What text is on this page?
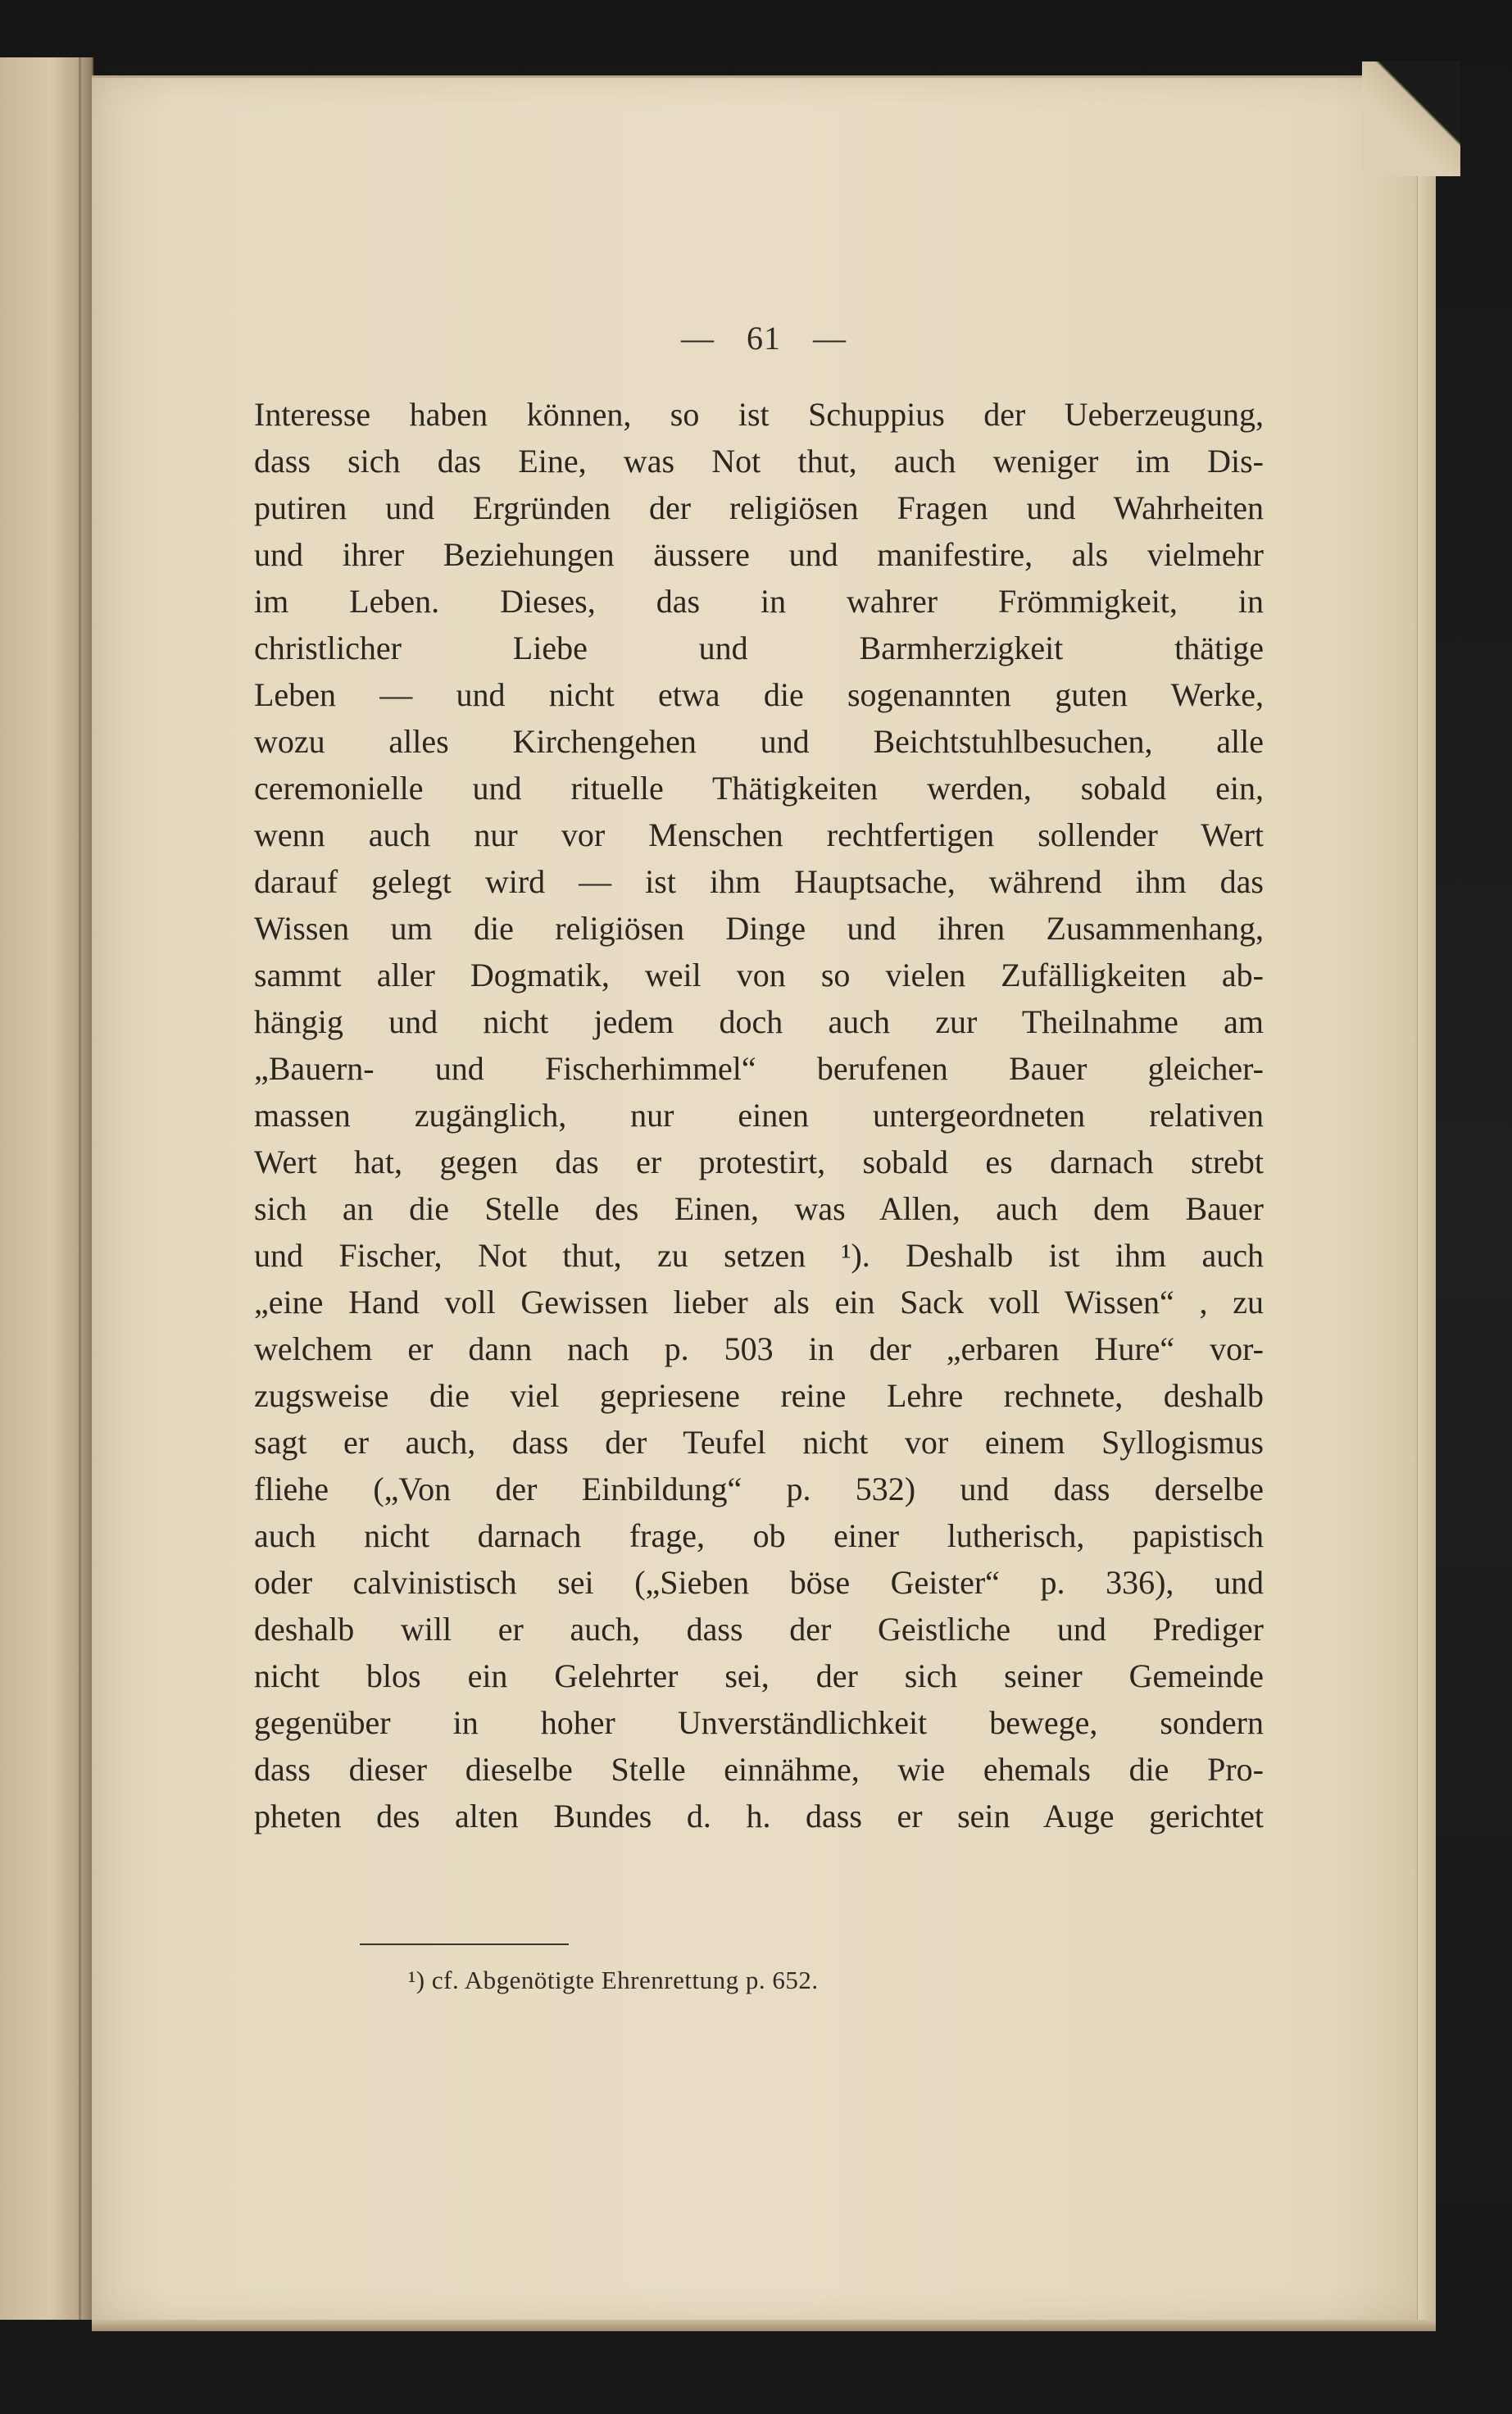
— 61 —
Interesse haben können, so ist Schuppius der Ueberzeugung,
dass sich das Eine, was Not thut, auch weniger im Dis-
putiren und Ergründen der religiösen Fragen und Wahrheiten
und ihrer Beziehungen äussere und manifestire, als vielmehr
im Leben. Dieses, das in wahrer Frömmigkeit, in
christlicher Liebe und Barmherzigkeit thätige
Leben — und nicht etwa die sogenannten guten Werke,
wozu alles Kirchengehen und Beichtstuhlbesuchen, alle
ceremonielle und rituelle Thätigkeiten werden, sobald ein,
wenn auch nur vor Menschen rechtfertigen sollender Wert
darauf gelegt wird — ist ihm Hauptsache, während ihm das
Wissen um die religiösen Dinge und ihren Zusammenhang,
sammt aller Dogmatik, weil von so vielen Zufälligkeiten ab-
hängig und nicht jedem doch auch zur Theilnahme am
„Bauern- und Fischerhimmel“ berufenen Bauer gleicher-
massen zugänglich, nur einen untergeordneten relativen
Wert hat, gegen das er protestirt, sobald es darnach strebt
sich an die Stelle des Einen, was Allen, auch dem Bauer
und Fischer, Not thut, zu setzen ¹). Deshalb ist ihm auch
„eine Hand voll Gewissen lieber als ein Sack voll Wissen“ , zu
welchem er dann nach p. 503 in der „erbaren Hure“ vor-
zugsweise die viel gepriesene reine Lehre rechnete, deshalb
sagt er auch, dass der Teufel nicht vor einem Syllogismus
fliehe („Von der Einbildung“ p. 532) und dass derselbe
auch nicht darnach frage, ob einer lutherisch, papistisch
oder calvinistisch sei („Sieben böse Geister“ p. 336), und
deshalb will er auch, dass der Geistliche und Prediger
nicht blos ein Gelehrter sei, der sich seiner Gemeinde
gegenüber in hoher Unverständlichkeit bewege, sondern
dass dieser dieselbe Stelle einnähme, wie ehemals die Pro-
pheten des alten Bundes d. h. dass er sein Auge gerichtet
¹) cf. Abgenötigte Ehrenrettung p. 652.
